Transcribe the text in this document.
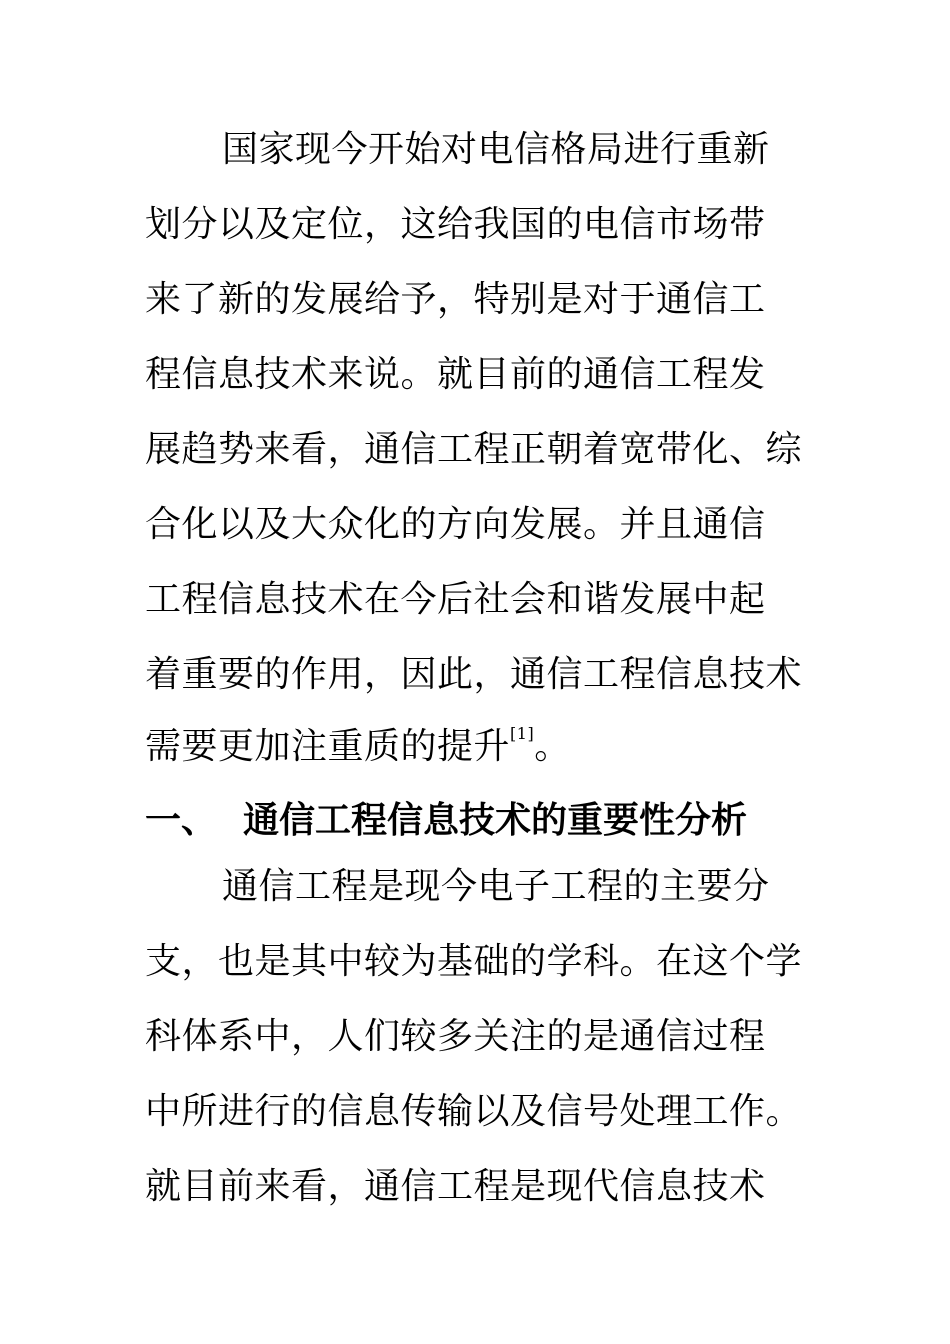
国家现今开始对电信格局进行重新
划分以及定位，这给我国的电信市场带
来了新的发展给予，特别是对于通信工
程信息技术来说。就目前的通信工程发
展趋势来看，通信工程正朝着宽带化、综
合化以及大众化的方向发展。并且通信
工程信息技术在今后社会和谐发展中起
着重要的作用，因此，通信工程信息技术
需要更加注重质的提升[1]。
一、 通信工程信息技术的重要性分析
通信工程是现今电子工程的主要分
支，也是其中较为基础的学科。在这个学
科体系中，人们较多关注的是通信过程
中所进行的信息传输以及信号处理工作。
就目前来看，通信工程是现代信息技术
